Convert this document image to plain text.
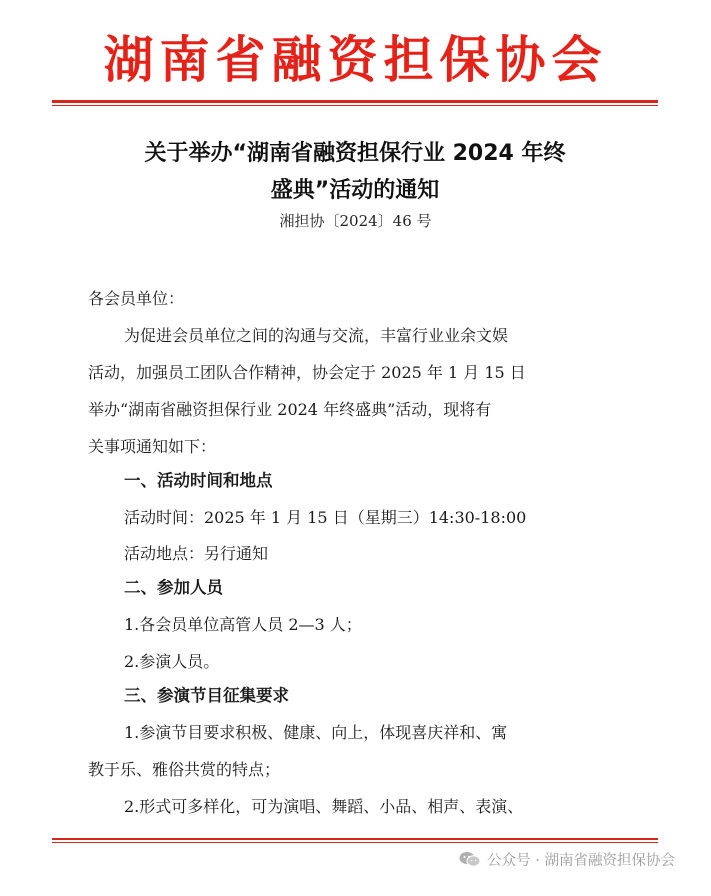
湖南省融资担保协会
关于举办“湖南省融资担保行业 2024 年终
盛典”活动的通知
湘担协〔2024〕46 号
各会员单位：
为促进会员单位之间的沟通与交流，丰富行业业余文娱
活动，加强员工团队合作精神，协会定于 2025 年 1 月 15 日
举办“湖南省融资担保行业 2024 年终盛典”活动，现将有
关事项通知如下：
一、活动时间和地点
活动时间：2025 年 1 月 15 日（星期三）14:30-18:00
活动地点：另行通知
二、参加人员
1.各会员单位高管人员 2—3 人；
2.参演人员。
三、参演节目征集要求
1.参演节目要求积极、健康、向上，体现喜庆祥和、寓
教于乐、雅俗共赏的特点；
2.形式可多样化，可为演唱、舞蹈、小品、相声、表演、
公众号 · 湖南省融资担保协会
